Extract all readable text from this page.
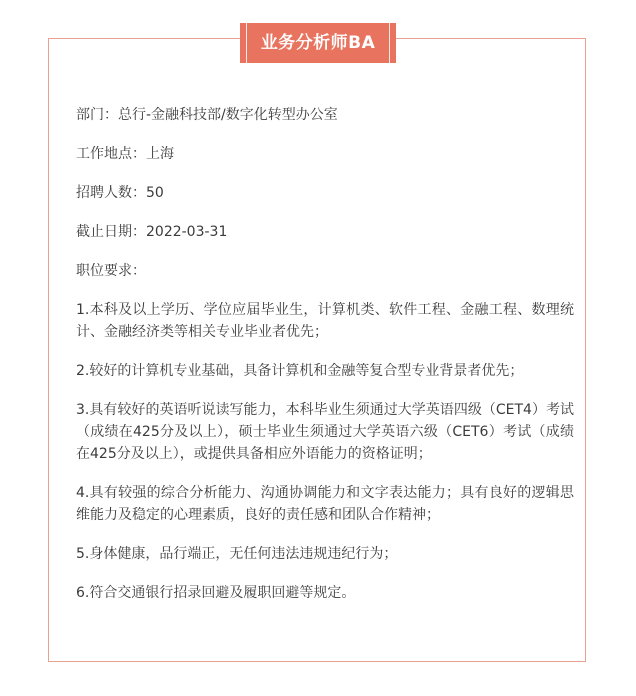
业务分析师BA

部门：总行-金融科技部/数字化转型办公室

工作地点：上海

招聘人数：50

截止日期：2022-03-31

职位要求：

1.本科及以上学历、学位应届毕业生，计算机类、软件工程、金融工程、数理统计、金融经济类等相关专业毕业者优先；

2.较好的计算机专业基础，具备计算机和金融等复合型专业背景者优先；

3.具有较好的英语听说读写能力，本科毕业生须通过大学英语四级（CET4）考试（成绩在425分及以上），硕士毕业生须通过大学英语六级（CET6）考试（成绩在425分及以上），或提供具备相应外语能力的资格证明；

4.具有较强的综合分析能力、沟通协调能力和文字表达能力；具有良好的逻辑思维能力及稳定的心理素质，良好的责任感和团队合作精神；

5.身体健康，品行端正，无任何违法违规违纪行为；

6.符合交通银行招录回避及履职回避等规定。
